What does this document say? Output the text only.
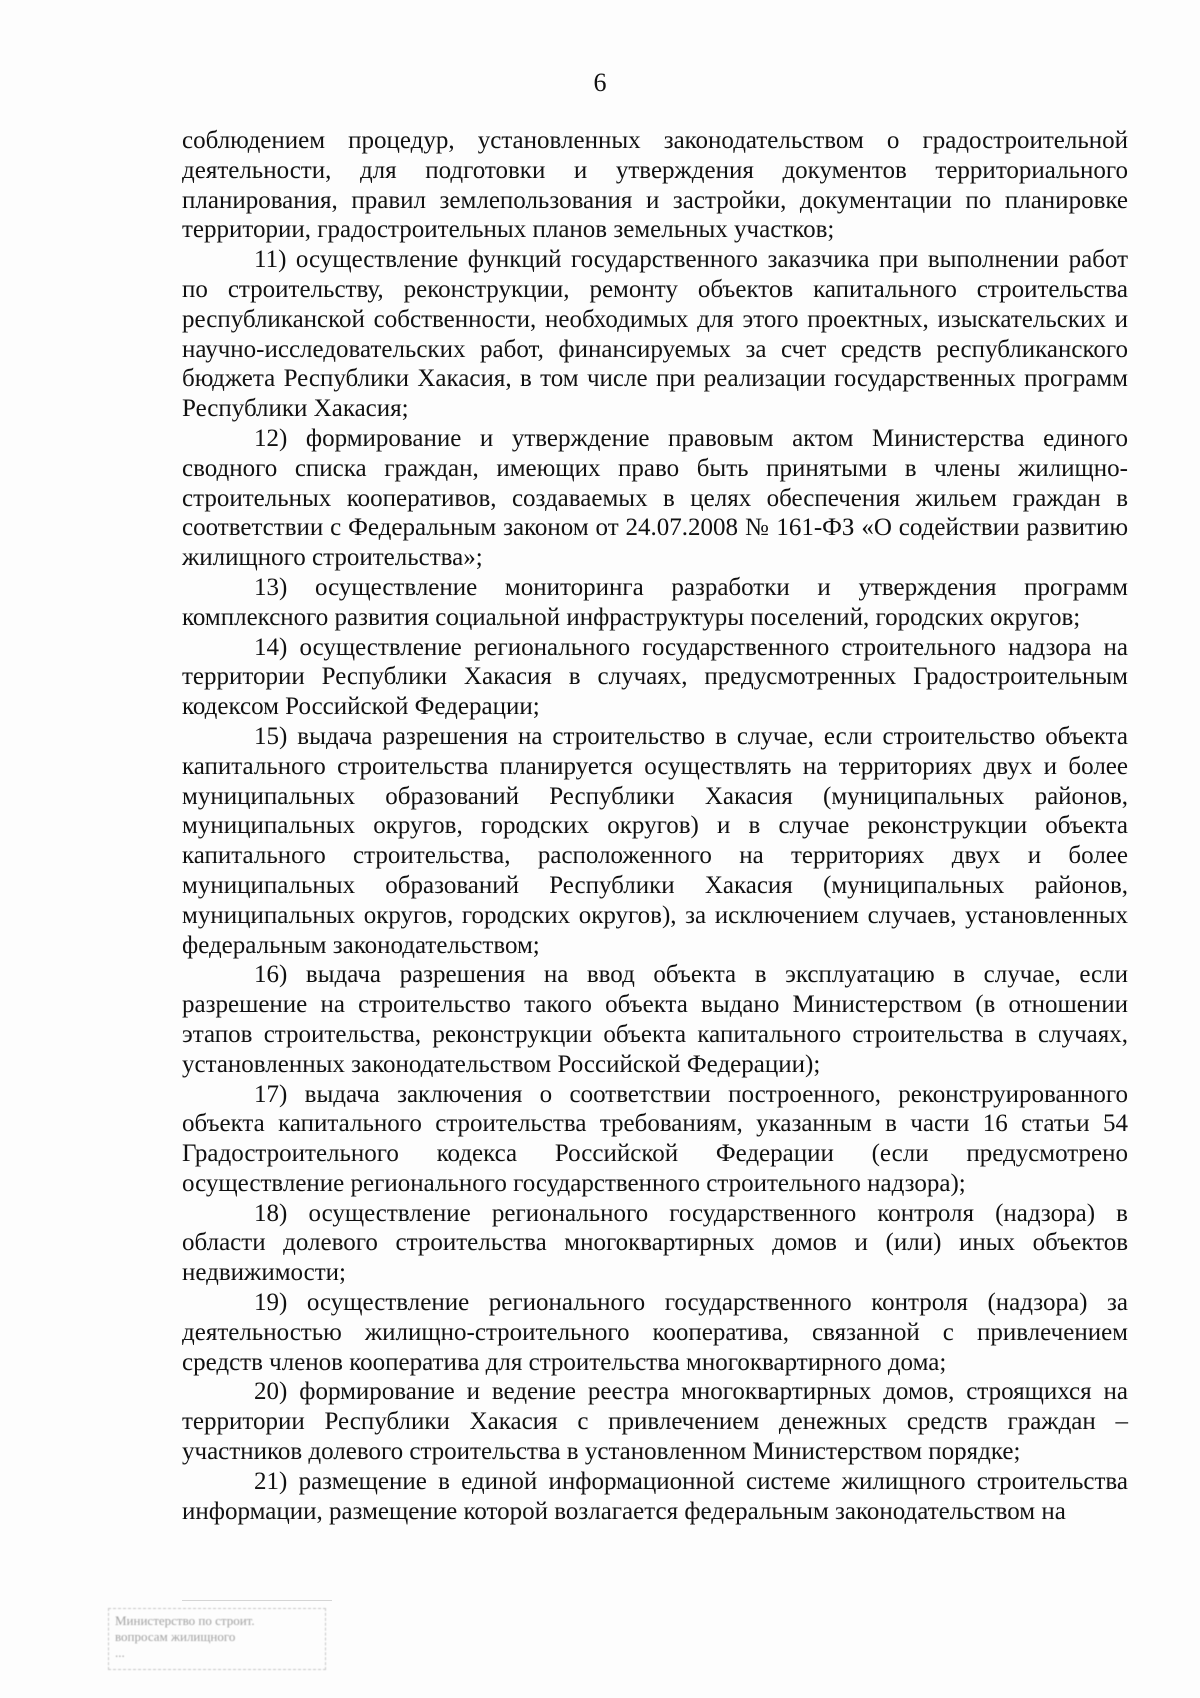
6

соблюдением процедур, установленных законодательством о градостроительной деятельности, для подготовки и утверждения документов территориального планирования, правил землепользования и застройки, документации по планировке территории, градостроительных планов земельных участков;

11) осуществление функций государственного заказчика при выполнении работ по строительству, реконструкции, ремонту объектов капитального строительства республиканской собственности, необходимых для этого проектных, изыскательских и научно-исследовательских работ, финансируемых за счет средств республиканского бюджета Республики Хакасия, в том числе при реализации государственных программ Республики Хакасия;

12) формирование и утверждение правовым актом Министерства единого сводного списка граждан, имеющих право быть принятыми в члены жилищно-строительных кооперативов, создаваемых в целях обеспечения жильем граждан в соответствии с Федеральным законом от 24.07.2008 № 161-ФЗ «О содействии развитию жилищного строительства»;

13) осуществление мониторинга разработки и утверждения программ комплексного развития социальной инфраструктуры поселений, городских округов;

14) осуществление регионального государственного строительного надзора на территории Республики Хакасия в случаях, предусмотренных Градостроительным кодексом Российской Федерации;

15) выдача разрешения на строительство в случае, если строительство объекта капитального строительства планируется осуществлять на территориях двух и более муниципальных образований Республики Хакасия (муниципальных районов, муниципальных округов, городских округов) и в случае реконструкции объекта капитального строительства, расположенного на территориях двух и более муниципальных образований Республики Хакасия (муниципальных районов, муниципальных округов, городских округов), за исключением случаев, установленных федеральным законодательством;

16) выдача разрешения на ввод объекта в эксплуатацию в случае, если разрешение на строительство такого объекта выдано Министерством (в отношении этапов строительства, реконструкции объекта капитального строительства в случаях, установленных законодательством Российской Федерации);

17) выдача заключения о соответствии построенного, реконструированного объекта капитального строительства требованиям, указанным в части 16 статьи 54 Градостроительного кодекса Российской Федерации (если предусмотрено осуществление регионального государственного строительного надзора);

18) осуществление регионального государственного контроля (надзора) в области долевого строительства многоквартирных домов и (или) иных объектов недвижимости;

19) осуществление регионального государственного контроля (надзора) за деятельностью жилищно-строительного кооператива, связанной с привлечением средств членов кооператива для строительства многоквартирного дома;

20) формирование и ведение реестра многоквартирных домов, строящихся на территории Республики Хакасия с привлечением денежных средств граждан – участников долевого строительства в установленном Министерством порядке;

21) размещение в единой информационной системе жилищного строительства информации, размещение которой возлагается федеральным законодательством на

Министерство по строит.
вопросам жилищного
...
